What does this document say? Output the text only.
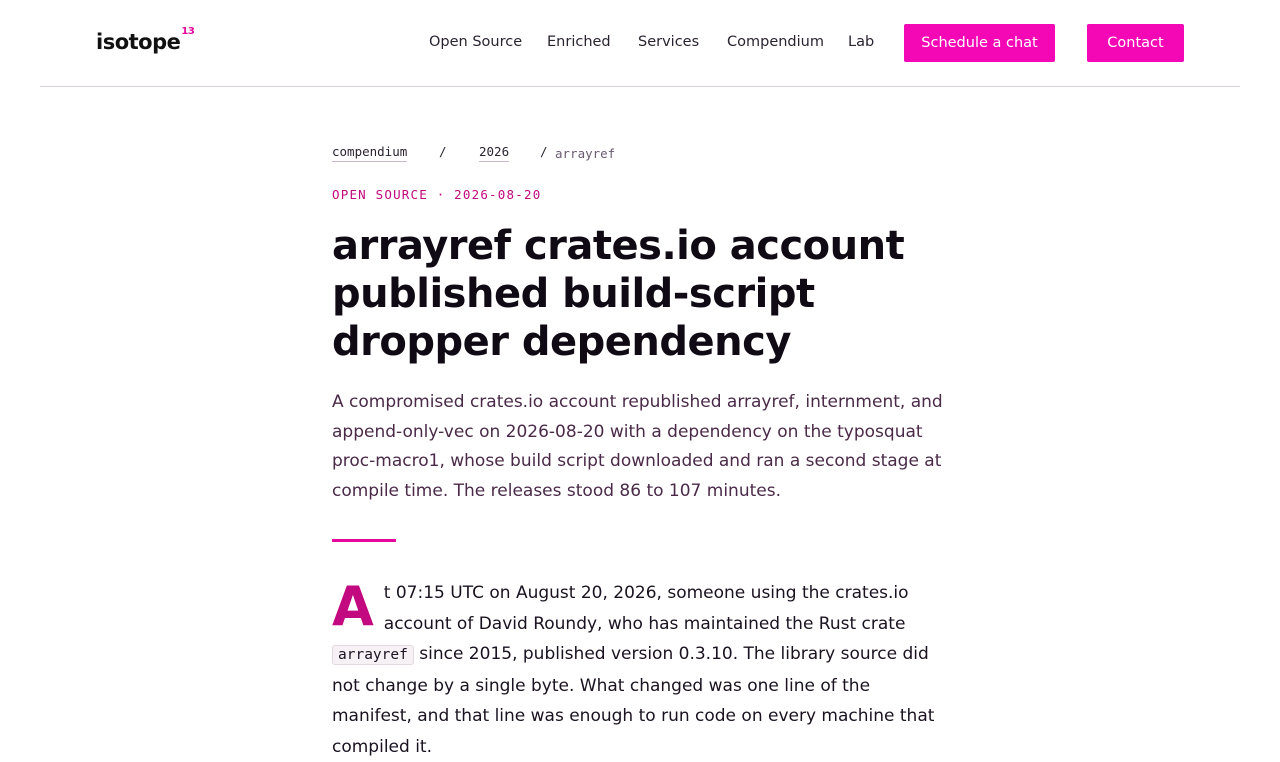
isotope$^{13}$
Open Source Enriched Services Compendium Lab	Schedule a chat	Contact
compendium	/	2026 / arrayref
OPEN SOURCE · 2026-08-20
arrayref crates.io account published build-script dropper dependency

A compromised crates.io account republished arrayref, internment, and append-only-vec on 2026-08-20 with a dependency on the typosquat proc-macro1, whose build script downloaded and ran a second stage at compile time. The releases stood 86 to 107 minutes.

At 07:15 UTC on August 20, 2026, someone using the crates.io account of David Roundy, who has maintained the Rust crate arrayref since 2015, published version 0.3.10. The library source did not change by a single byte. What changed was one line of the manifest, and that line was enough to run code on every machine that compiled it.
